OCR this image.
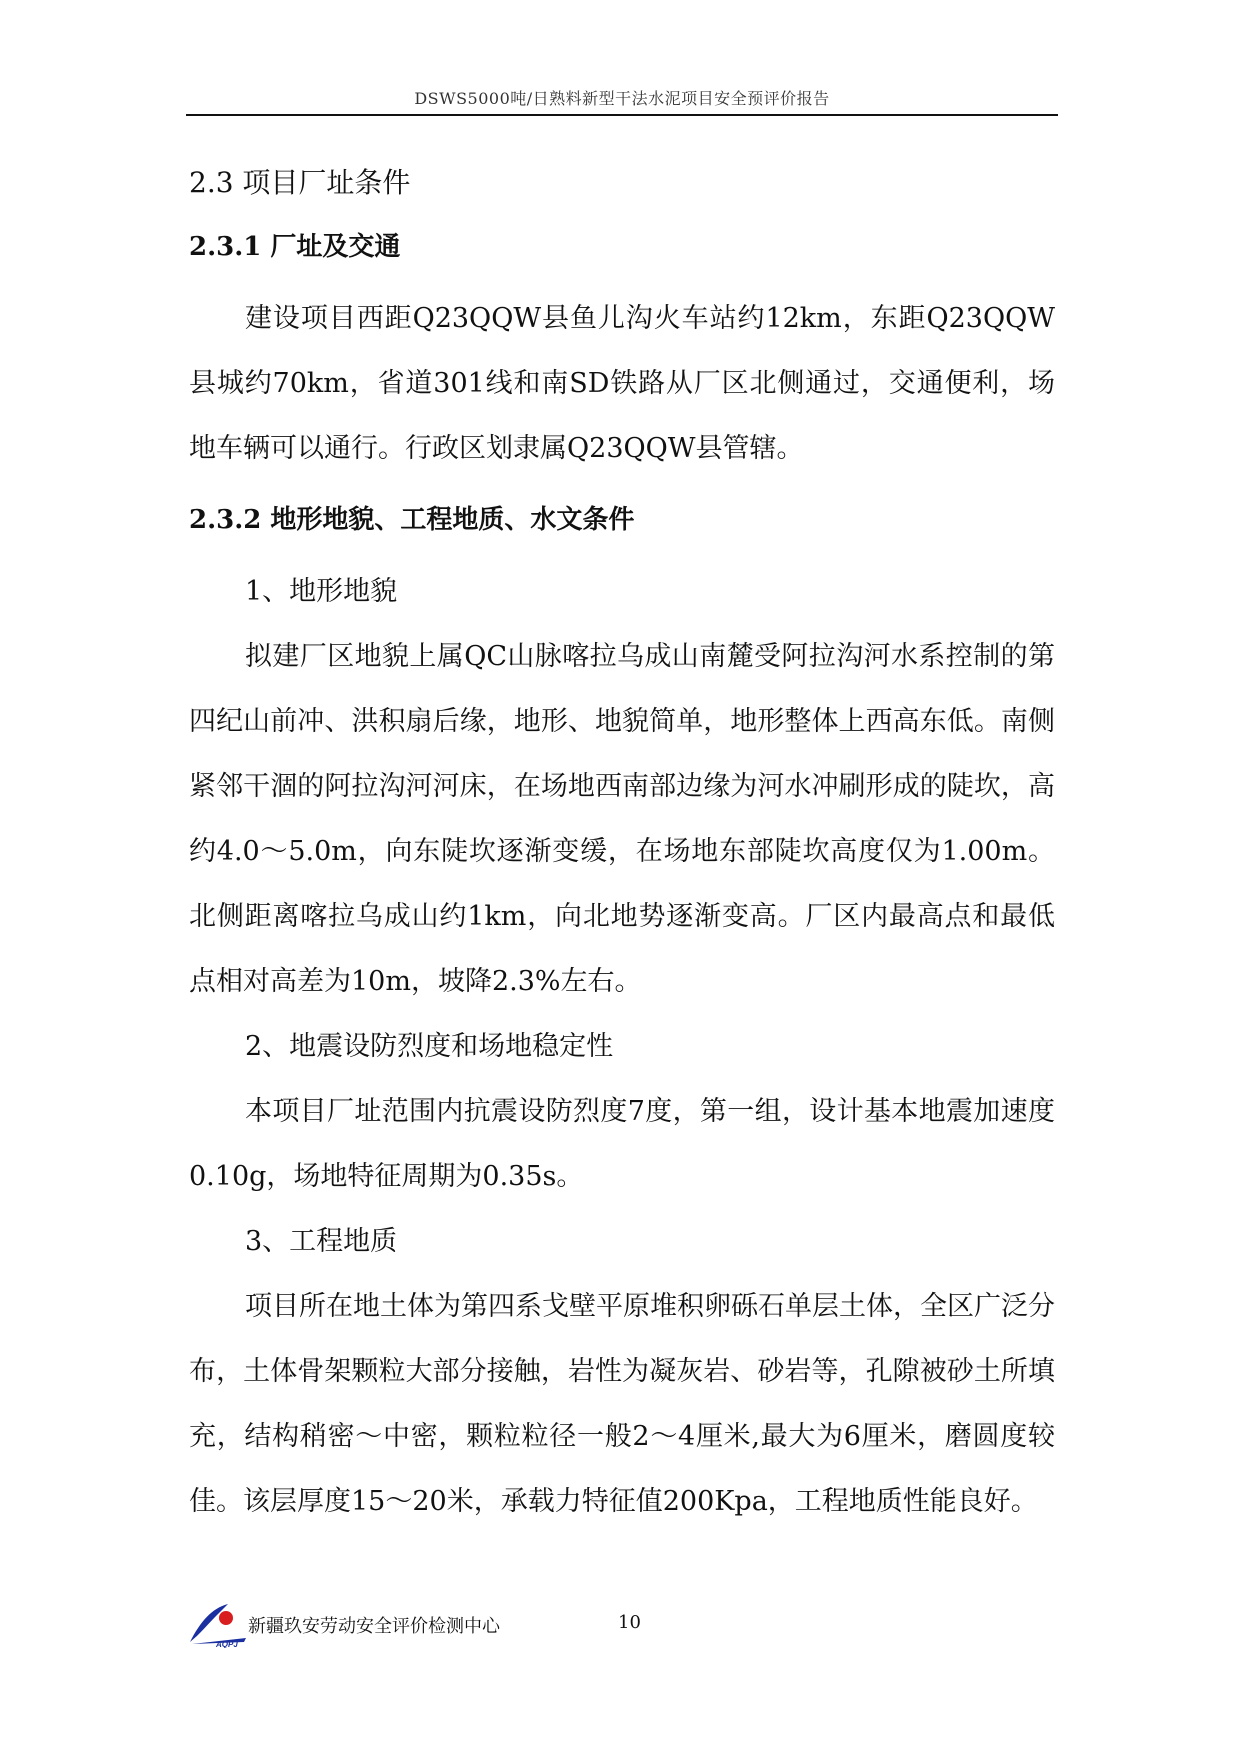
DSWS5000吨/日熟料新型干法水泥项目安全预评价报告
2.3 项目厂址条件
2.3.1 厂址及交通

建设项目西距Q23QQW县鱼儿沟火车站约12km，东距Q23QQW县城约70km，省道301线和南SD铁路从厂区北侧通过，交通便利，场地车辆可以通行。行政区划隶属Q23QQW县管辖。

2.3.2 地形地貌、工程地质、水文条件
1、地形地貌

拟建厂区地貌上属QC山脉喀拉乌成山南麓受阿拉沟河水系控制的第四纪山前冲、洪积扇后缘，地形、地貌简单，地形整体上西高东低。南侧紧邻干涸的阿拉沟河河床，在场地西南部边缘为河水冲刷形成的陡坎，高约4.0～5.0m，向东陡坎逐渐变缓，在场地东部陡坎高度仅为1.00m。北侧距离喀拉乌成山约1km，向北地势逐渐变高。厂区内最高点和最低点相对高差为10m，坡降2.3%左右。

2、地震设防烈度和场地稳定性

本项目厂址范围内抗震设防烈度7度，第一组，设计基本地震加速度 0.10g，场地特征周期为0.35s。

3、工程地质

项目所在地土体为第四系戈壁平原堆积卵砾石单层土体，全区广泛分布，土体骨架颗粒大部分接触，岩性为凝灰岩、砂岩等，孔隙被砂土所填充，结构稍密～中密，颗粒粒径一般2～4厘米,最大为6厘米，磨圆度较佳。该层厚度15～20米，承载力特征值200Kpa，工程地质性能良好。

AQPJ
新疆玖安劳动安全评价检测中心	10
